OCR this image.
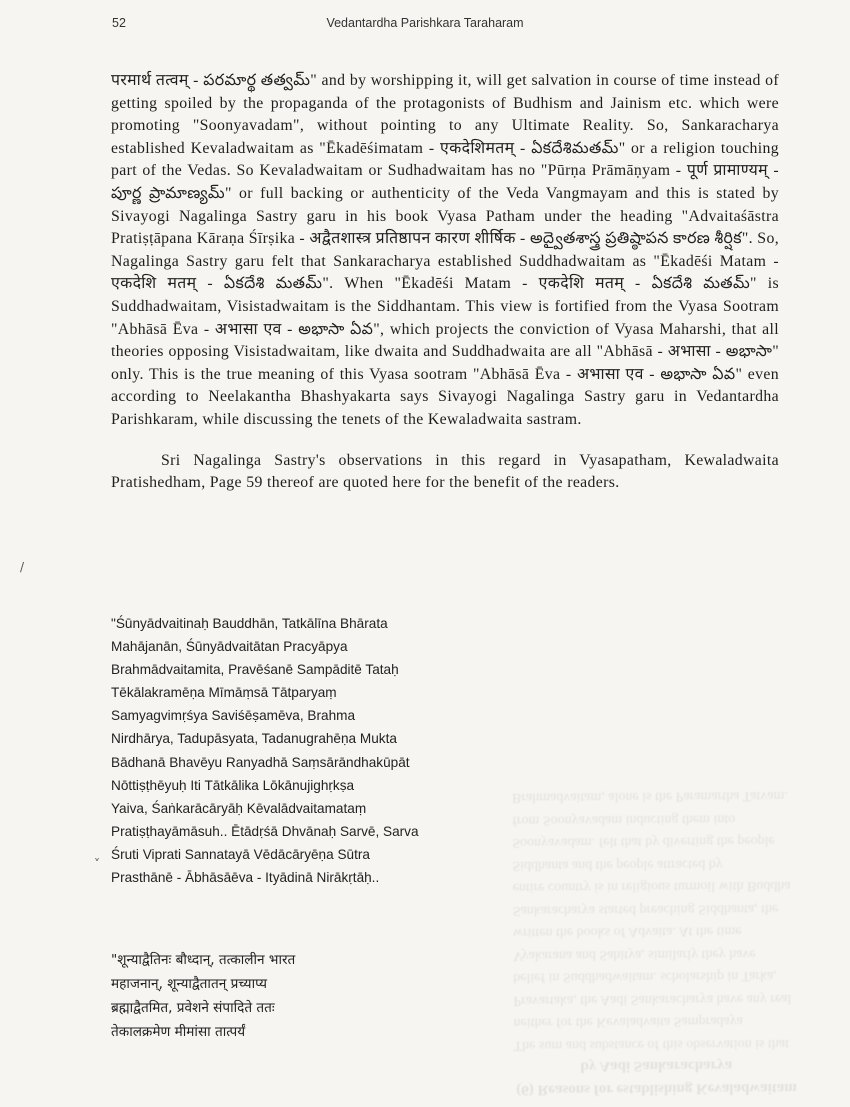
52	Vedantardha Parishkara Taraharam

परमार्थ तत्वम् - పరమార్థ తత్వమ్" and by worshipping it, will get salvation in course of time instead of getting spoiled by the propaganda of the protagonists of Budhism and Jainism etc. which were promoting "Soonyavadam", without pointing to any Ultimate Reality. So, Sankaracharya established Kevaladwaitam as "Ēkadēśimatam - एकदेशिमतम् - ఏకదేశిమతమ్" or a religion touching part of the Vedas. So Kevaladwaitam or Sudhadwaitam has no "Pūrṇa Prāmāṇyam - पूर्ण प्रामाण्यम् - పూర్ణ ప్రామాణ్యమ్" or full backing or authenticity of the Veda Vangmayam and this is stated by Sivayogi Nagalinga Sastry garu in his book Vyasa Patham under the heading "Advaitaśāstra Pratiṣṭāpana Kāraṇa Śīrṣika - अद्वैतशास्त्र प्रतिष्ठापन कारण शीर्षिक - అద్వైతశాస్త్ర ప్రతిష్ఠాపన కారణ శీర్షిక". So, Nagalinga Sastry garu felt that Sankaracharya established Suddhadwaitam as "Ēkadēśi Matam - एकदेशि मतम् - ఏకదేశి మతమ్". When "Ēkadēśi Matam - एकदेशि मतम् - ఏకదేశి మతమ్" is Suddhadwaitam, Visistadwaitam is the Siddhantam. This view is fortified from the Vyasa Sootram "Abhāsā Ēva - अभासा एव - అభాసా ఏవ", which projects the conviction of Vyasa Maharshi, that all theories opposing Visistadwaitam, like dwaita and Suddhadwaita are all "Abhāsā - अभासा - అభాసా" only. This is the true meaning of this Vyasa sootram "Abhāsā Ēva - अभासा एव - అభాసా ఏవ" even according to Neelakantha Bhashyakarta says Sivayogi Nagalinga Sastry garu in Vedantardha Parishkaram, while discussing the tenets of the Kewaladwaita sastram.

Sri Nagalinga Sastry's observations in this regard in Vyasapatham, Kewaladwaita Pratishedham, Page 59 thereof are quoted here for the benefit of the readers.

"Śūnyādvaitinaḥ Bauddhān, Tatkālīna Bhārata
Mahājanān, Śūnyādvaitātan Pracyāpya
Brahmādvaitamita, Pravēśanē Sampāditē Tataḥ
Tēkālakramēṇa Mīmāṃsā Tātparyaṃ
Samyagvimṛśya Saviśēṣamēva, Brahma
Nirdhārya, Tadupāsyata, Tadanugrahēṇa Mukta
Bādhanā Bhavēyu Ranyadhā Saṃsārāndhakūpāt
Nōttiṣṭhēyuḥ Iti Tātkālika Lōkānujighṛkṣa
Yaiva, Śaṅkarācāryāḥ Kēvalādvaitamataṃ
Pratiṣṭhayāmāsuh.. Ētādṛśā Dhvānaḥ Sarvē, Sarva
Śruti Viprati Sannatayā Vēdācāryēṇa Sūtra
Prasthānē - Ābhāsāēva - Ityādinā Nirākṛtāḥ..
"शून्याद्वैतिनः बौध्दान्, तत्कालीन भारत
महाजनान्, शून्याद्वैतातन् प्रच्याप्य
ब्रह्माद्वैतमित, प्रवेशने संपादिते ततः
तेकालक्रमेण मीमांसा तात्पर्यं
(6) Reasons for establishing Kevaladwaitam by Aadi Sankaracharya
The sum and substance of this observation is that neither for the Kevaladvaita Sampradaya Pravartaka, the Aadi Sankaracharya have any real belief in Suddhadwaitam. scholarship in Tarka, Vyakarana and Sahitya, similarly they have written the books of Advaita. At the time Sankaracharya started preaching Siddhanta, the entire country is in religious turmoil with Buddha Siddhanta and the people attracted by Soonyavadam. felt that by diverting the people from Soonyavadam inducting them into Brahmadvaitam, alone is the Paramartha Tatvam.
˅
/
